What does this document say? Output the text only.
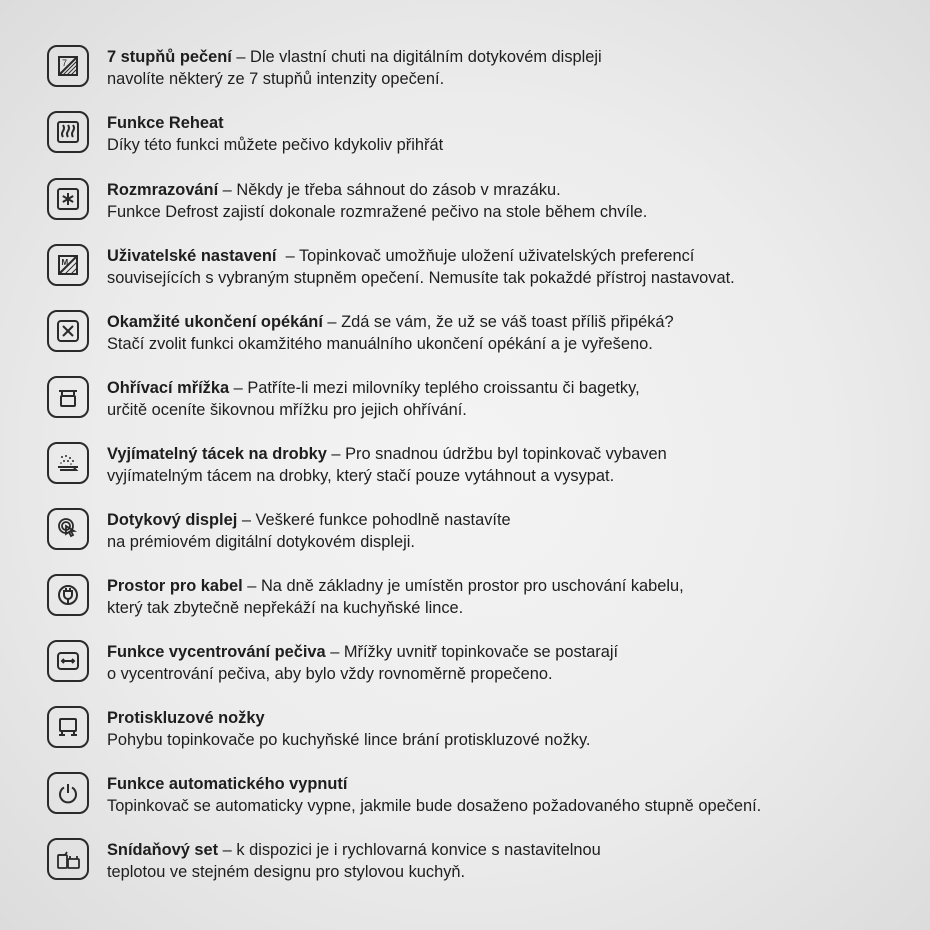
7 7 stupňů pečení – Dle vlastní chuti na digitálním dotykovém displeji
navolíte některý ze 7 stupňů intenzity opečení.
Funkce Reheat
Díky této funkci můžete pečivo kdykoliv přihřát
Rozmrazování – Někdy je třeba sáhnout do zásob v mrazáku.
Funkce Defrost zajistí dokonale rozmražené pečivo na stole během chvíle.
M Uživatelské nastavení  – Topinkovač umožňuje uložení uživatelských preferencí
souvisejících s vybraným stupněm opečení. Nemusíte tak pokaždé přístroj nastavovat.
Okamžité ukončení opékání – Zdá se vám, že už se váš toast příliš připéká?
Stačí zvolit funkci okamžitého manuálního ukončení opékání a je vyřešeno.
Ohřívací mřížka – Patříte-li mezi milovníky teplého croissantu či bagetky,
určitě oceníte šikovnou mřížku pro jejich ohřívání.
Vyjímatelný tácek na drobky – Pro snadnou údržbu byl topinkovač vybaven
vyjímatelným tácem na drobky, který stačí pouze vytáhnout a vysypat.
Dotykový displej – Veškeré funkce pohodlně nastavíte
na prémiovém digitální dotykovém displeji.
Prostor pro kabel – Na dně základny je umístěn prostor pro uschování kabelu,
který tak zbytečně nepřekáží na kuchyňské lince.
Funkce vycentrování pečiva – Mřížky uvnitř topinkovače se postarají
o vycentrování pečiva, aby bylo vždy rovnoměrně propečeno.
Protiskluzové nožky
Pohybu topinkovače po kuchyňské lince brání protiskluzové nožky.
Funkce automatického vypnutí
Topinkovač se automaticky vypne, jakmile bude dosaženo požadovaného stupně opečení.
Snídaňový set – k dispozici je i rychlovarná konvice s nastavitelnou
teplotou ve stejném designu pro stylovou kuchyň.
